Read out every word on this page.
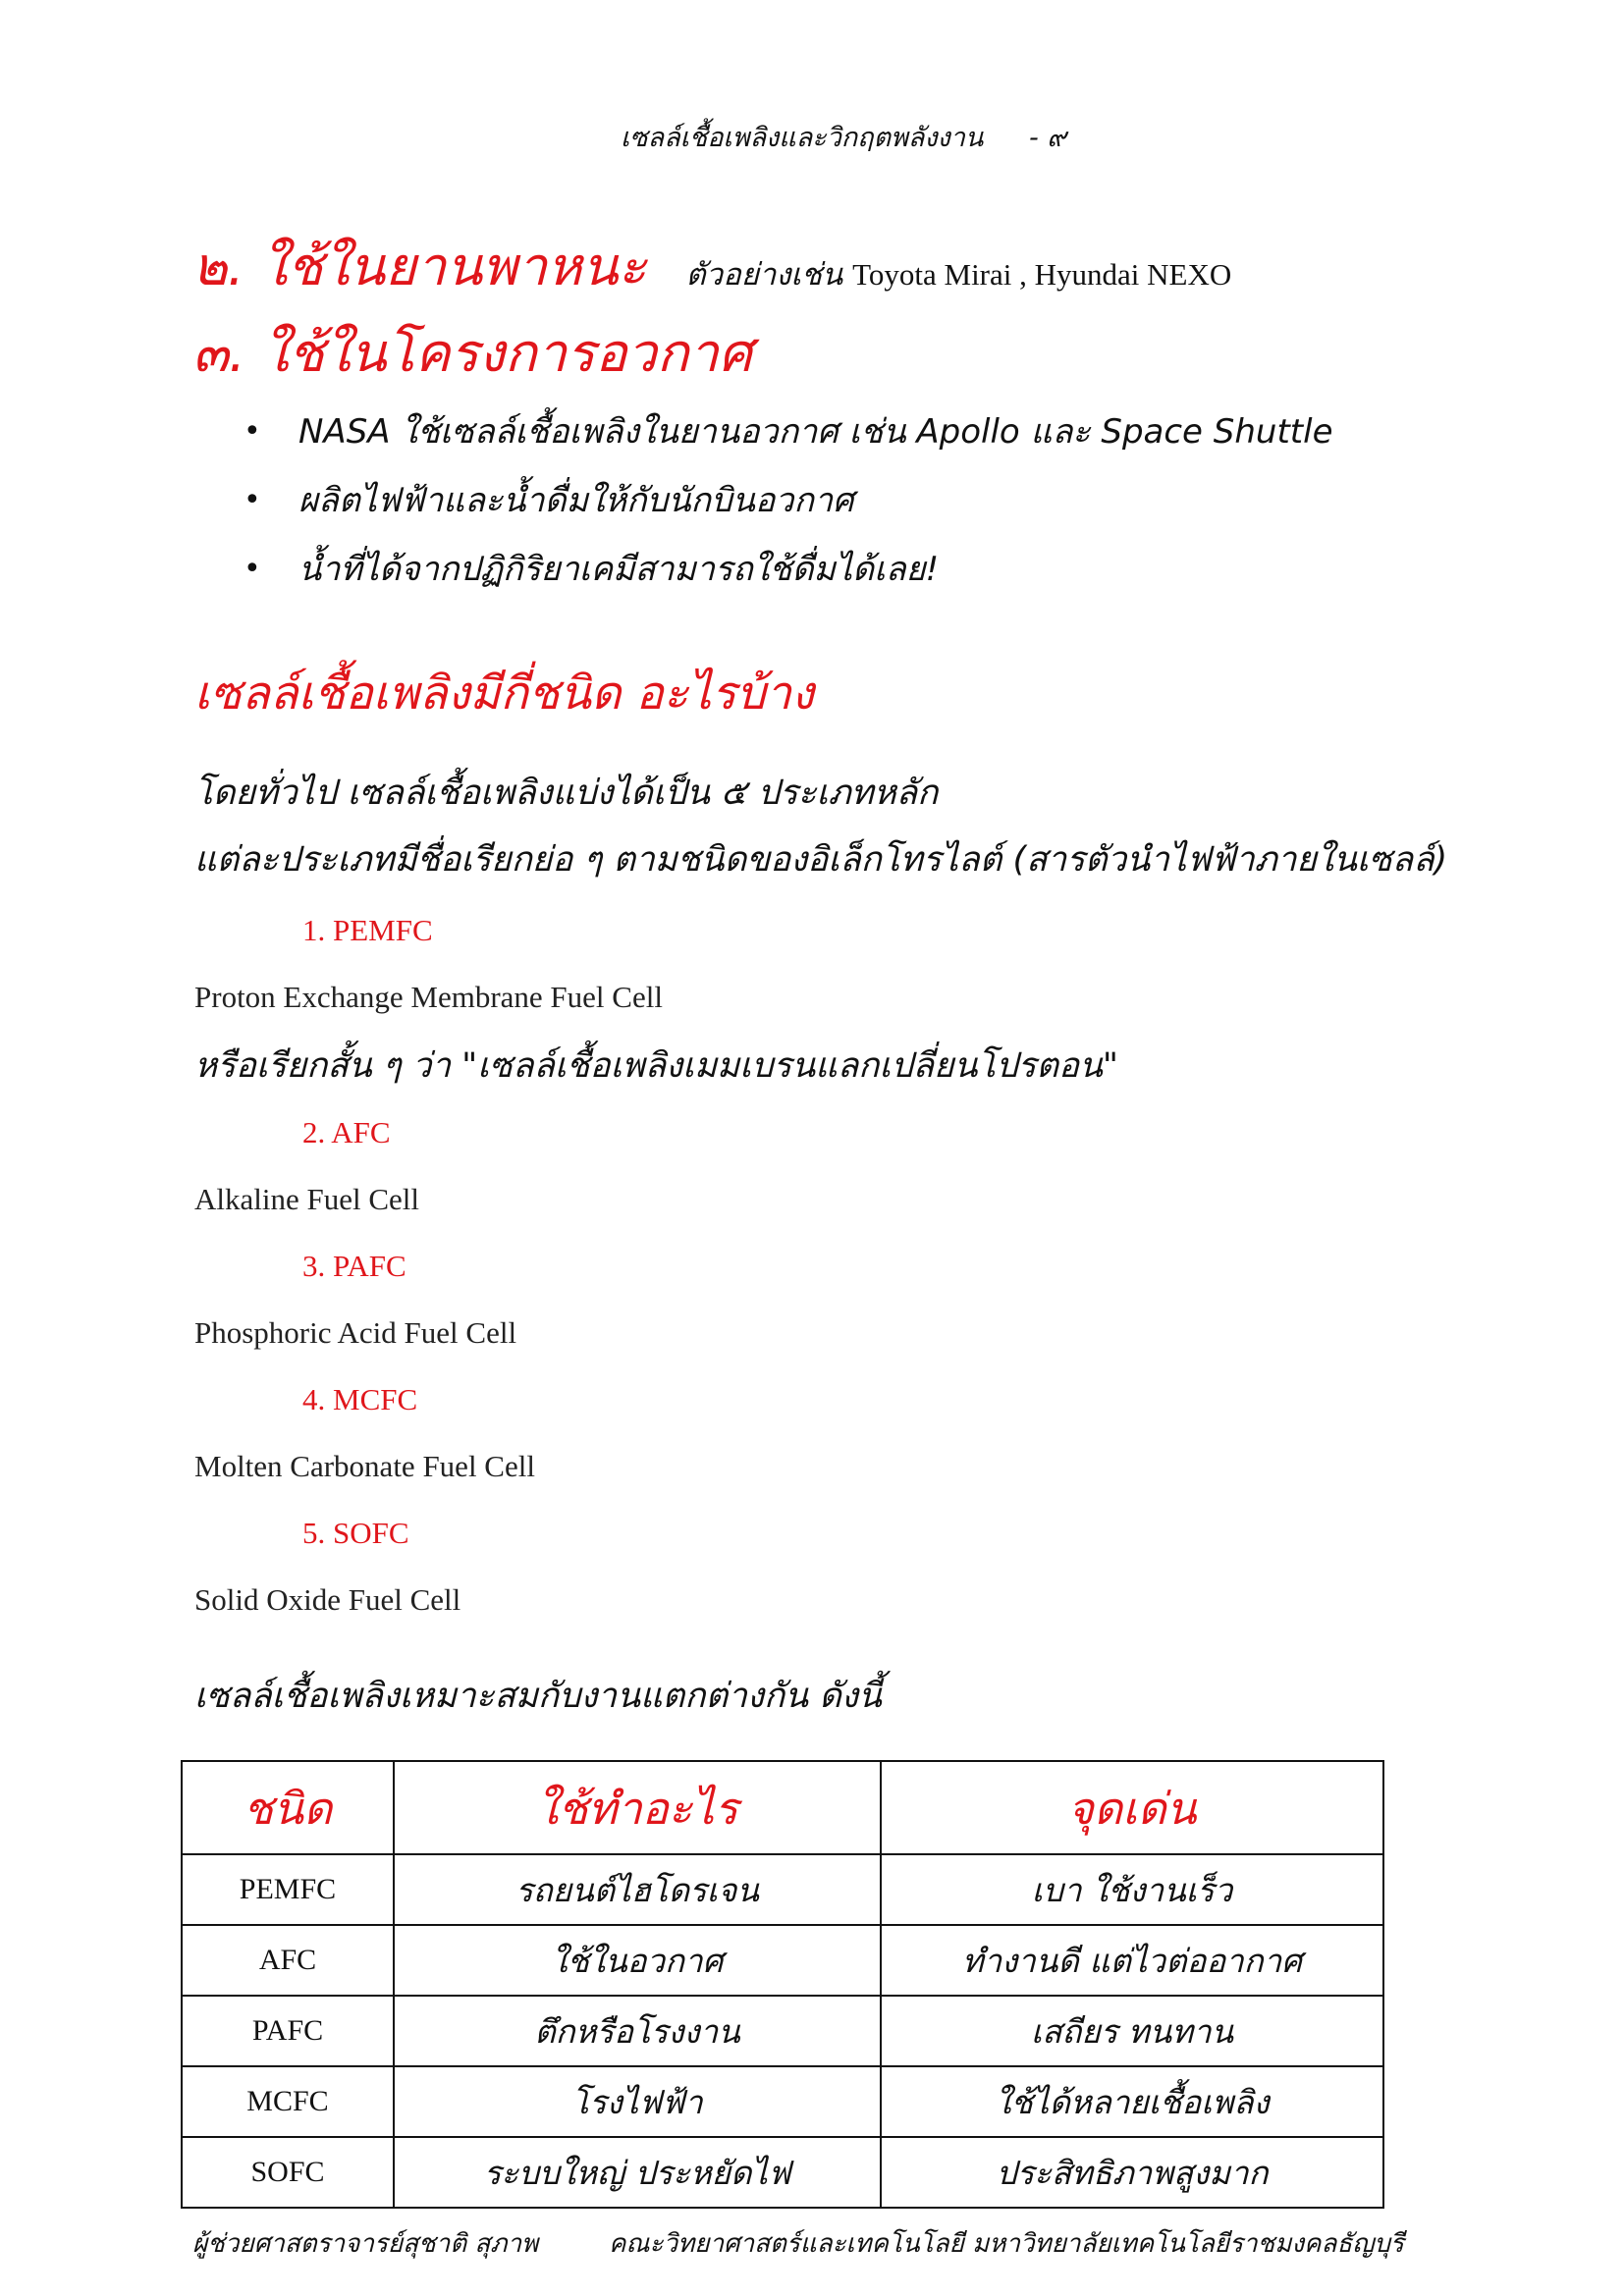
เซลล์เชื้อเพลิงและวิกฤตพลังงาน - ๙
๒. ใช้ในยานพาหนะ ตัวอย่างเช่น Toyota Mirai , Hyundai NEXO
๓. ใช้ในโครงการอวกาศ
• NASA ใช้เซลล์เชื้อเพลิงในยานอวกาศ เช่น Apollo และ Space Shuttle
• ผลิตไฟฟ้าและน้ำดื่มให้กับนักบินอวกาศ
• น้ำที่ได้จากปฏิกิริยาเคมีสามารถใช้ดื่มได้เลย!
เซลล์เชื้อเพลิงมีกี่ชนิด อะไรบ้าง
โดยทั่วไป เซลล์เชื้อเพลิงแบ่งได้เป็น ๕ ประเภทหลัก
แต่ละประเภทมีชื่อเรียกย่อ ๆ ตามชนิดของอิเล็กโทรไลต์ (สารตัวนำไฟฟ้าภายในเซลล์)
1. PEMFC
Proton Exchange Membrane Fuel Cell
หรือเรียกสั้น ๆ ว่า "เซลล์เชื้อเพลิงเมมเบรนแลกเปลี่ยนโปรตอน"
2. AFC
Alkaline Fuel Cell
3. PAFC
Phosphoric Acid Fuel Cell
4. MCFC
Molten Carbonate Fuel Cell
5. SOFC
Solid Oxide Fuel Cell
เซลล์เชื้อเพลิงเหมาะสมกับงานแตกต่างกัน ดังนี้
ชนิด	ใช้ทำอะไร	จุดเด่น
PEMFC	รถยนต์ไฮโดรเจน	เบา ใช้งานเร็ว
AFC	ใช้ในอวกาศ	ทำงานดี แต่ไวต่ออากาศ
PAFC	ตึกหรือโรงงาน	เสถียร ทนทาน
MCFC	โรงไฟฟ้า	ใช้ได้หลายเชื้อเพลิง
SOFC	ระบบใหญ่ ประหยัดไฟ	ประสิทธิภาพสูงมาก
ผู้ช่วยศาสตราจารย์สุชาติ สุภาพ	คณะวิทยาศาสตร์และเทคโนโลยี มหาวิทยาลัยเทคโนโลยีราชมงคลธัญบุรี
